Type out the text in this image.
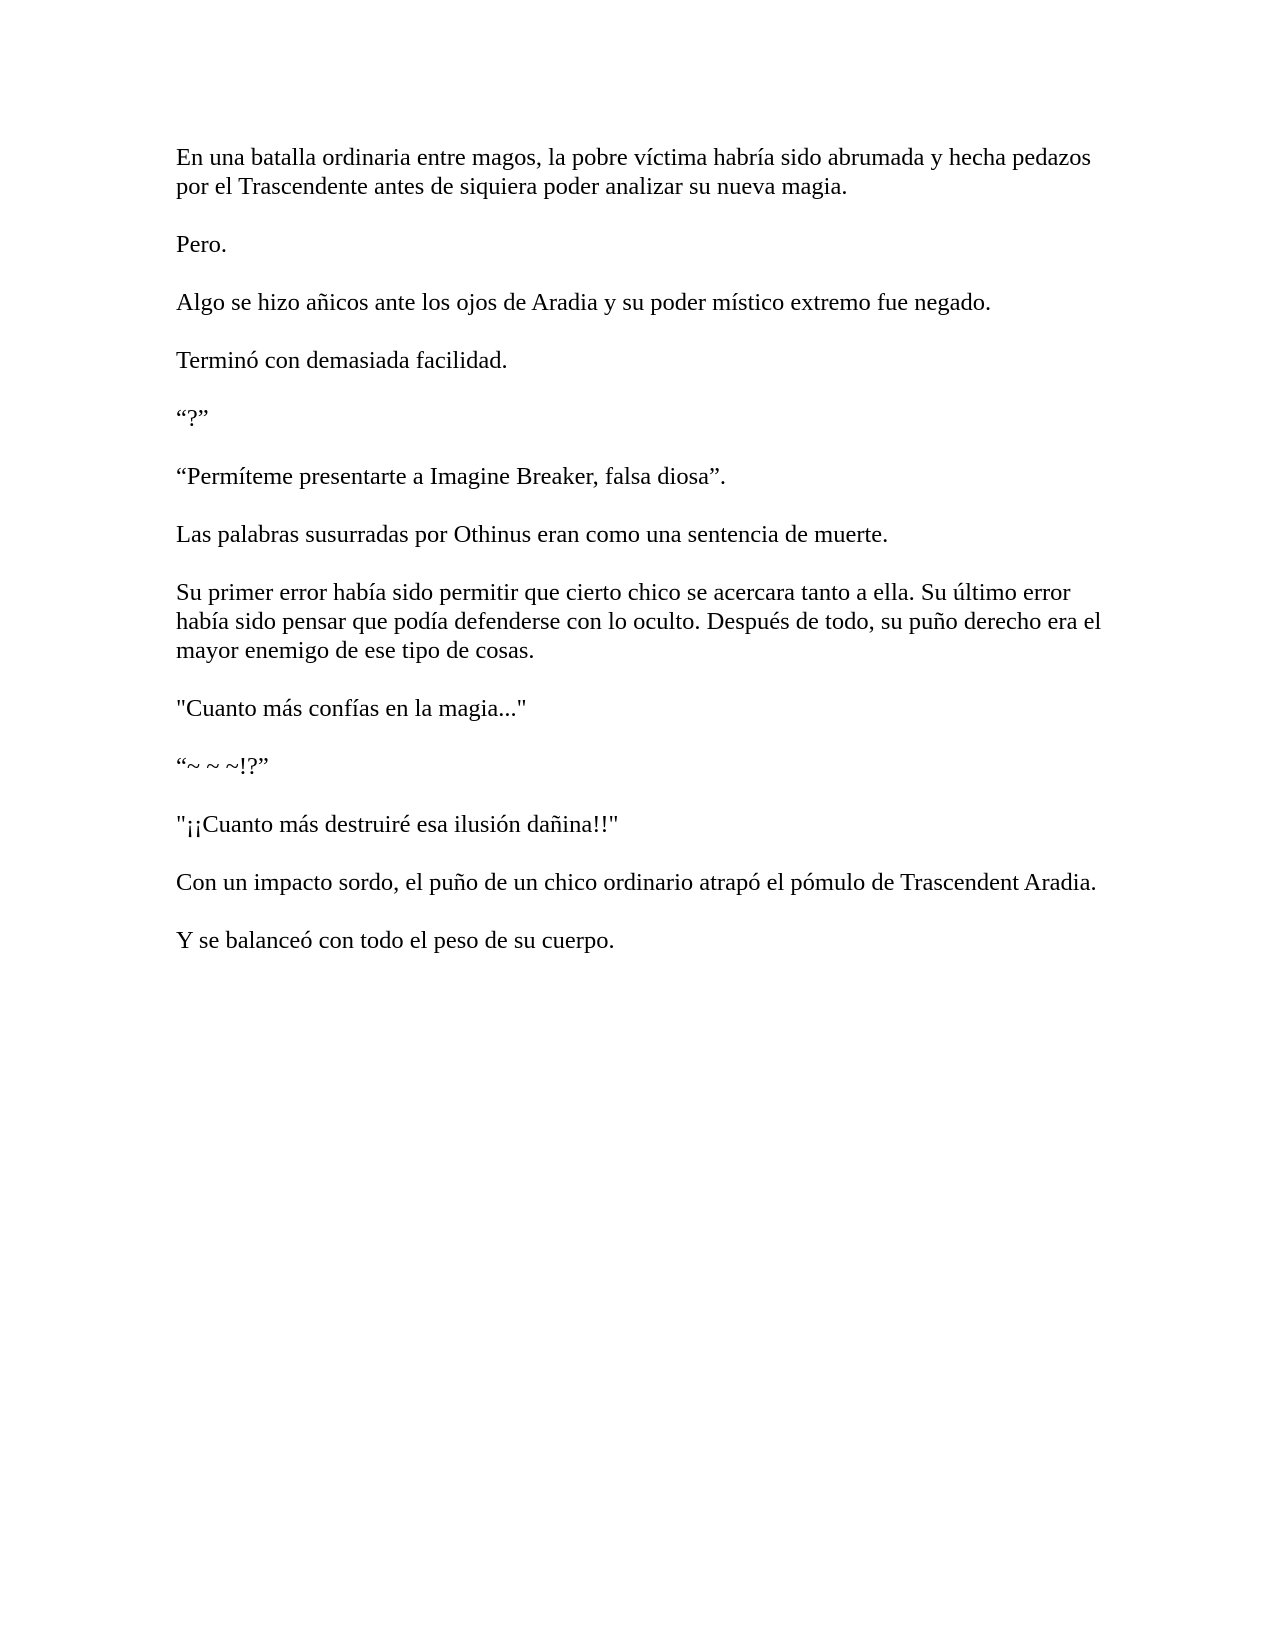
En una batalla ordinaria entre magos, la pobre víctima habría sido abrumada y hecha pedazos por el Trascendente antes de siquiera poder analizar su nueva magia.

Pero.

Algo se hizo añicos ante los ojos de Aradia y su poder místico extremo fue negado.

Terminó con demasiada facilidad.

“?”

“Permíteme presentarte a Imagine Breaker, falsa diosa”.

Las palabras susurradas por Othinus eran como una sentencia de muerte.

Su primer error había sido permitir que cierto chico se acercara tanto a ella. Su último error había sido pensar que podía defenderse con lo oculto. Después de todo, su puño derecho era el mayor enemigo de ese tipo de cosas.

"Cuanto más confías en la magia..."

“~ ~ ~!?”

"¡¡Cuanto más destruiré esa ilusión dañina!!"

Con un impacto sordo, el puño de un chico ordinario atrapó el pómulo de Trascendent Aradia.

Y se balanceó con todo el peso de su cuerpo.
